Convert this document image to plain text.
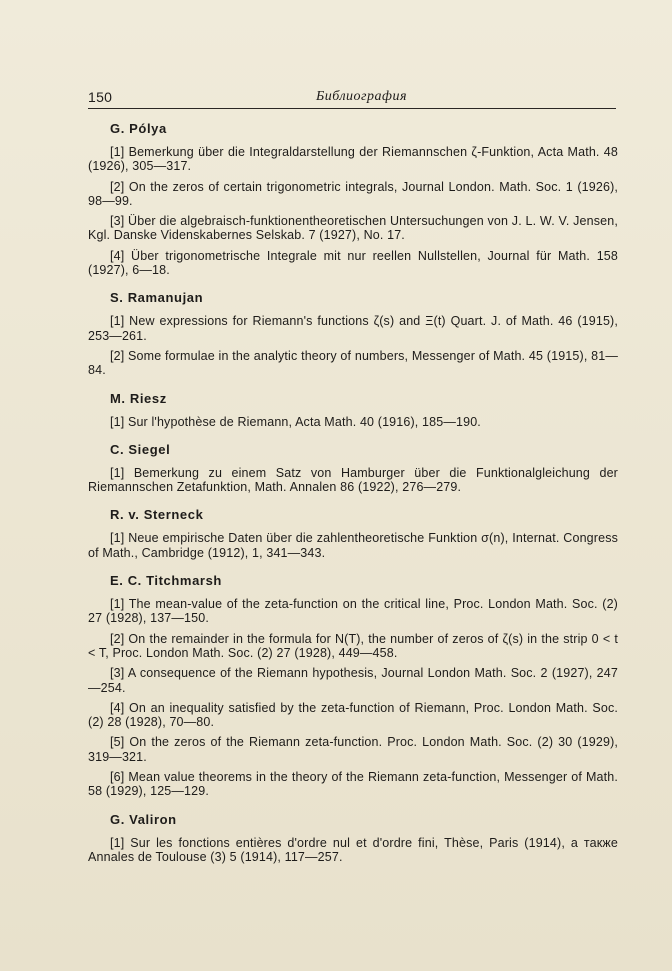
150	Библиография
G. Pólya

[1] Bemerkung über die Integraldarstellung der Riemannschen ζ-Funktion, Acta Math. 48 (1926), 305—317.

[2] On the zeros of certain trigonometric integrals, Journal London. Math. Soc. 1 (1926), 98—99.

[3] Über die algebraisch-funktionentheoretischen Untersuchungen von J. L. W. V. Jensen, Kgl. Danske Videnskabernes Selskab. 7 (1927), No. 17.

[4] Über trigonometrische Integrale mit nur reellen Nullstellen, Journal für Math. 158 (1927), 6—18.

S. Ramanujan

[1] New expressions for Riemann's functions ζ(s) and Ξ(t) Quart. J. of Math. 46 (1915), 253—261.

[2] Some formulae in the analytic theory of numbers, Messenger of Math. 45 (1915), 81—84.

M. Riesz

[1] Sur l'hypothèse de Riemann, Acta Math. 40 (1916), 185—190.

C. Siegel

[1] Bemerkung zu einem Satz von Hamburger über die Funktionalgleichung der Riemannschen Zetafunktion, Math. Annalen 86 (1922), 276—279.

R. v. Sterneck

[1] Neue empirische Daten über die zahlentheoretische Funktion σ(n), Internat. Congress of Math., Cambridge (1912), 1, 341—343.

E. C. Titchmarsh

[1] The mean-value of the zeta-function on the critical line, Proc. London Math. Soc. (2) 27 (1928), 137—150.

[2] On the remainder in the formula for N(T), the number of zeros of ζ(s) in the strip 0 < t < T, Proc. London Math. Soc. (2) 27 (1928), 449—458.

[3] A consequence of the Riemann hypothesis, Journal London Math. Soc. 2 (1927), 247—254.

[4] On an inequality satisfied by the zeta-function of Riemann, Proc. London Math. Soc. (2) 28 (1928), 70—80.

[5] On the zeros of the Riemann zeta-function. Proc. London Math. Soc. (2) 30 (1929), 319—321.

[6] Mean value theorems in the theory of the Riemann zeta-function, Messenger of Math. 58 (1929), 125—129.

G. Valiron

[1] Sur les fonctions entières d'ordre nul et d'ordre fini, Thèse, Paris (1914), а также Annales de Toulouse (3) 5 (1914), 117—257.
